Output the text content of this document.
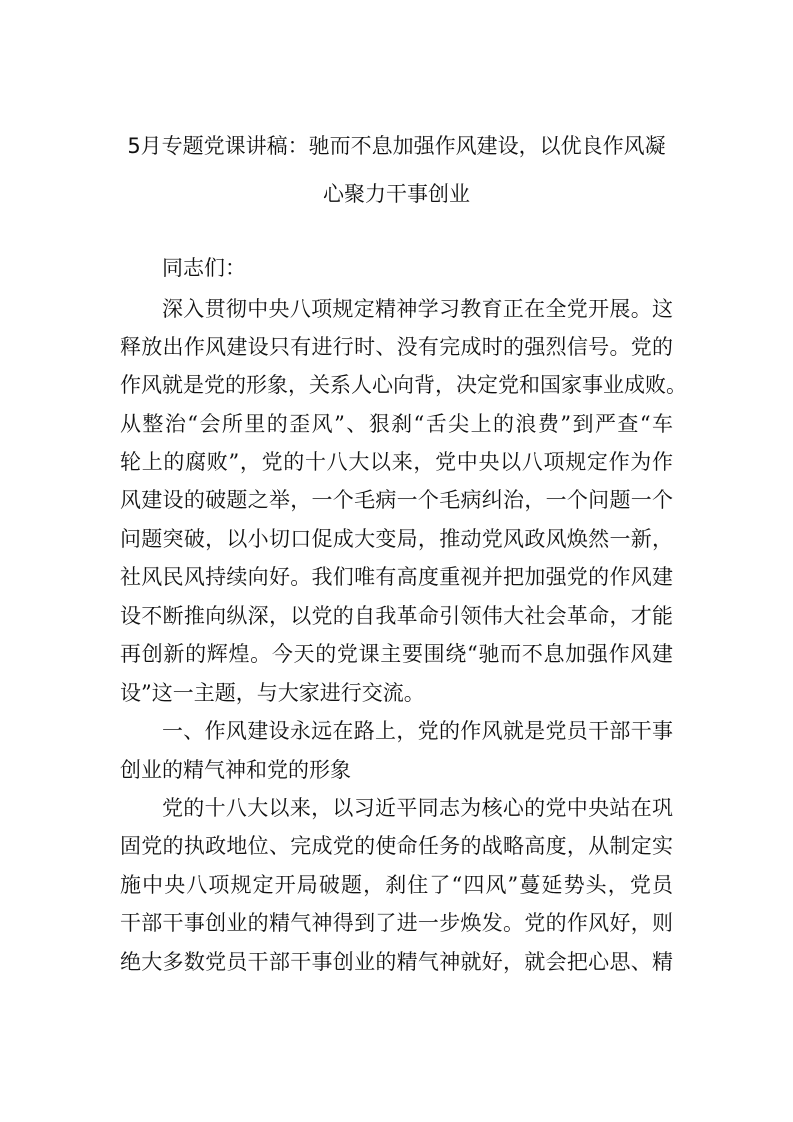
5月专题党课讲稿：驰而不息加强作风建设，以优良作风凝
心聚力干事创业
同志们：
深入贯彻中央八项规定精神学习教育正在全党开展。这
释放出作风建设只有进行时、没有完成时的强烈信号。党的
作风就是党的形象，关系人心向背，决定党和国家事业成败。
从整治“会所里的歪风”、狠刹“舌尖上的浪费”到严查“车
轮上的腐败”，党的十八大以来，党中央以八项规定作为作
风建设的破题之举，一个毛病一个毛病纠治，一个问题一个
问题突破，以小切口促成大变局，推动党风政风焕然一新，
社风民风持续向好。我们唯有高度重视并把加强党的作风建
设不断推向纵深，以党的自我革命引领伟大社会革命，才能
再创新的辉煌。今天的党课主要围绕“驰而不息加强作风建
设”这一主题，与大家进行交流。
一、作风建设永远在路上，党的作风就是党员干部干事
创业的精气神和党的形象
党的十八大以来，以习近平同志为核心的党中央站在巩
固党的执政地位、完成党的使命任务的战略高度，从制定实
施中央八项规定开局破题，刹住了“四风”蔓延势头，党员
干部干事创业的精气神得到了进一步焕发。党的作风好，则
绝大多数党员干部干事创业的精气神就好，就会把心思、精
